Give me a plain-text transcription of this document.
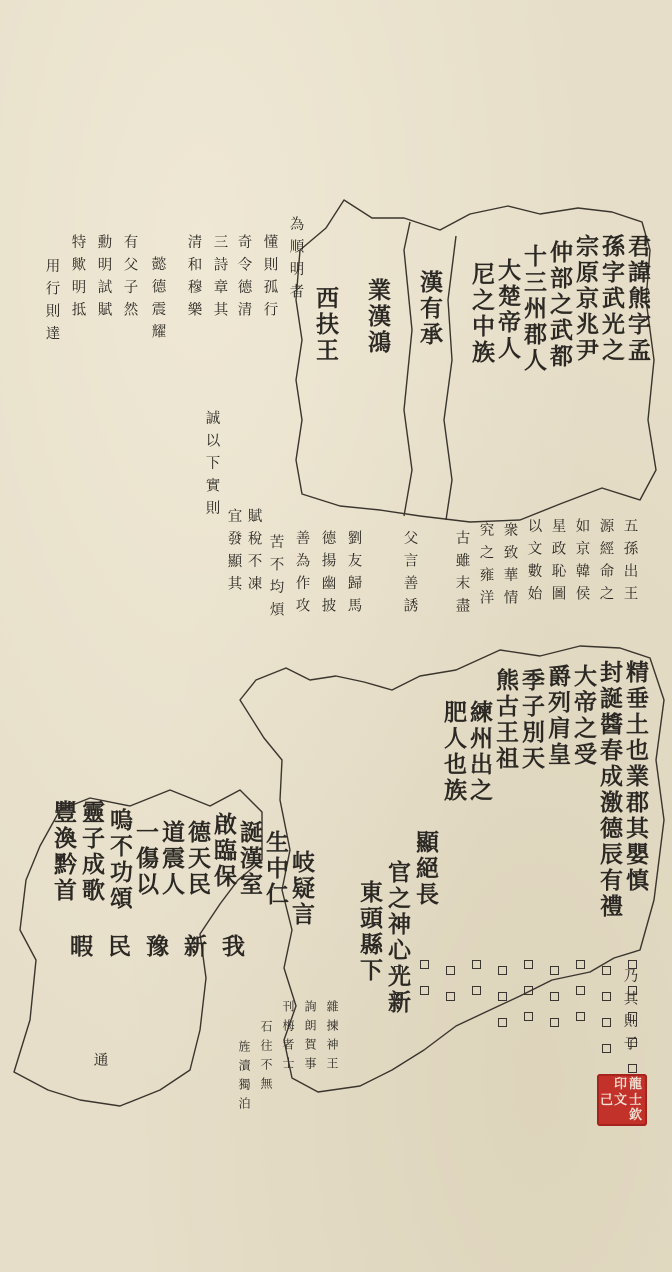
君諱熊字孟
孫字武光之
宗原京兆尹
仲部之武都
十三州郡人
大楚帝人
尼之中族
漢有承
業漢鴻
西扶王
精垂土也業郡其嬰慎
封誕醬春成激德辰有禮
大帝之受
爵列肩皇
季子別天
熊古王祖
練州出之
肥人也族
顯絕長
官之神心光新
東頭縣下
乃其則子
五孫出王
源經命之
如京韓侯
星政恥圖
以文數始
衆致華情
究之雍洋
古雖末盡
父言善誘
劉友歸馬
德揚幽披
善為作攻
苦不均煩
賦稅不凍
宜發顯其
誠以下實則
奇令德清 懂則孤行 為順明者
三詩章其
清和穆樂
有父子然 懿德震耀
勳明試賦
特歟明抵
用行則達
豐渙黔首 靈子成歌 嗚不功頌 一傷以 道震人 德天民 啟臨保 誕漢室 生中仁 岐疑言
暇 民 豫 新 我
通	雜揀神王
詢朗賀事
刊梅者士
石往不無
旌瀆獨泊	龍
士
欽
印
文
己
